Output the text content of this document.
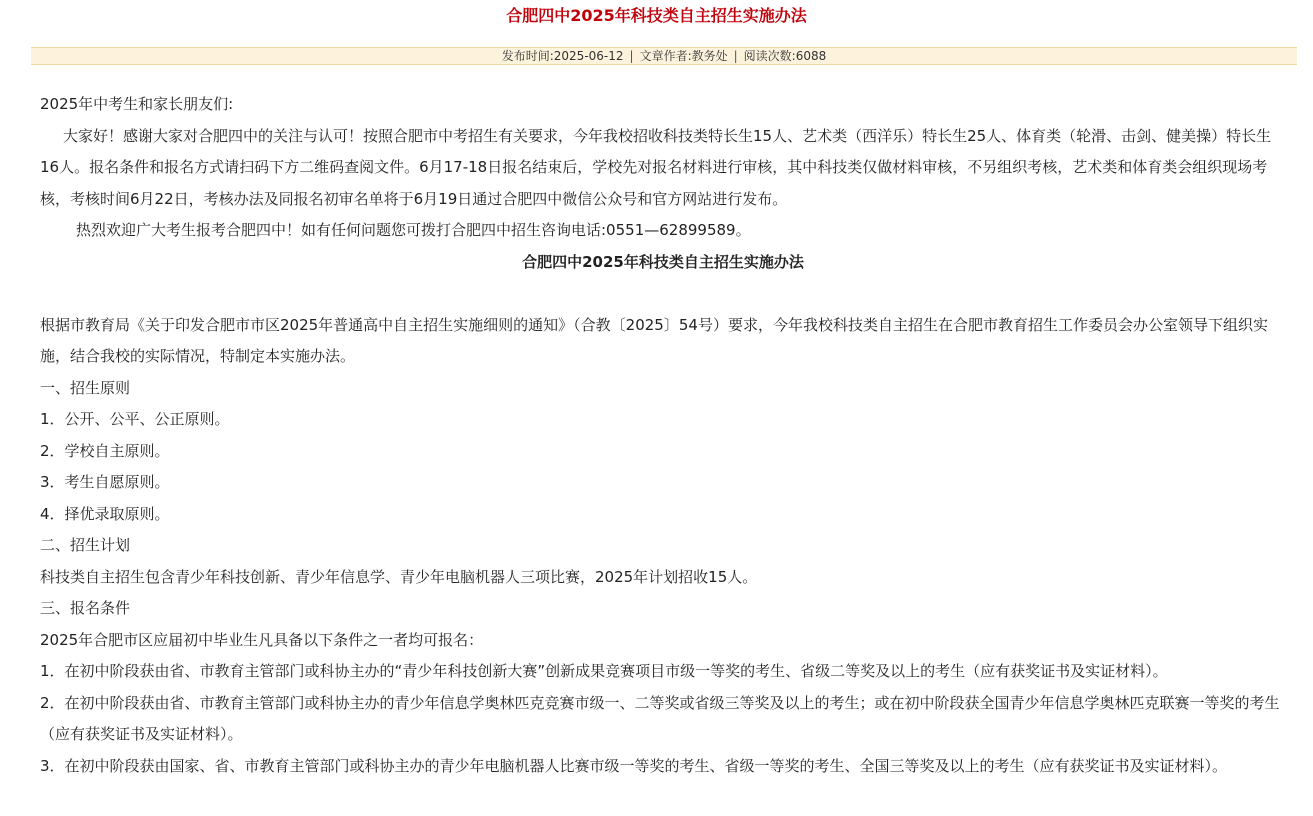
合肥四中2025年科技类自主招生实施办法
发布时间:2025-06-12 | 文章作者:教务处 | 阅读次数:6088

2025年中考生和家长朋友们:

大家好！感谢大家对合肥四中的关注与认可！按照合肥市中考招生有关要求，今年我校招收科技类特长生15人、艺术类（西洋乐）特长生25人、体育类（轮滑、击剑、健美操）特长生16人。报名条件和报名方式请扫码下方二维码查阅文件。6月17-18日报名结束后，学校先对报名材料进行审核，其中科技类仅做材料审核，不另组织考核，艺术类和体育类会组织现场考核，考核时间6月22日，考核办法及同报名初审名单将于6月19日通过合肥四中微信公众号和官方网站进行发布。

热烈欢迎广大考生报考合肥四中！如有任何问题您可拨打合肥四中招生咨询电话:0551—62899589。

合肥四中2025年科技类自主招生实施办法

根据市教育局《关于印发合肥市市区2025年普通高中自主招生实施细则的通知》（合教〔2025〕54号）要求，今年我校科技类自主招生在合肥市教育招生工作委员会办公室领导下组织实施，结合我校的实际情况，特制定本实施办法。

一、招生原则

1．公开、公平、公正原则。

2．学校自主原则。

3．考生自愿原则。

4．择优录取原则。

二、招生计划

科技类自主招生包含青少年科技创新、青少年信息学、青少年电脑机器人三项比赛，2025年计划招收15人。

三、报名条件

2025年合肥市区应届初中毕业生凡具备以下条件之一者均可报名：

1．在初中阶段获由省、市教育主管部门或科协主办的“青少年科技创新大赛”创新成果竞赛项目市级一等奖的考生、省级二等奖及以上的考生（应有获奖证书及实证材料）。

2．在初中阶段获由省、市教育主管部门或科协主办的青少年信息学奥林匹克竞赛市级一、二等奖或省级三等奖及以上的考生；或在初中阶段获全国青少年信息学奥林匹克联赛一等奖的考生（应有获奖证书及实证材料）。

3．在初中阶段获由国家、省、市教育主管部门或科协主办的青少年电脑机器人比赛市级一等奖的考生、省级一等奖的考生、全国三等奖及以上的考生（应有获奖证书及实证材料）。
